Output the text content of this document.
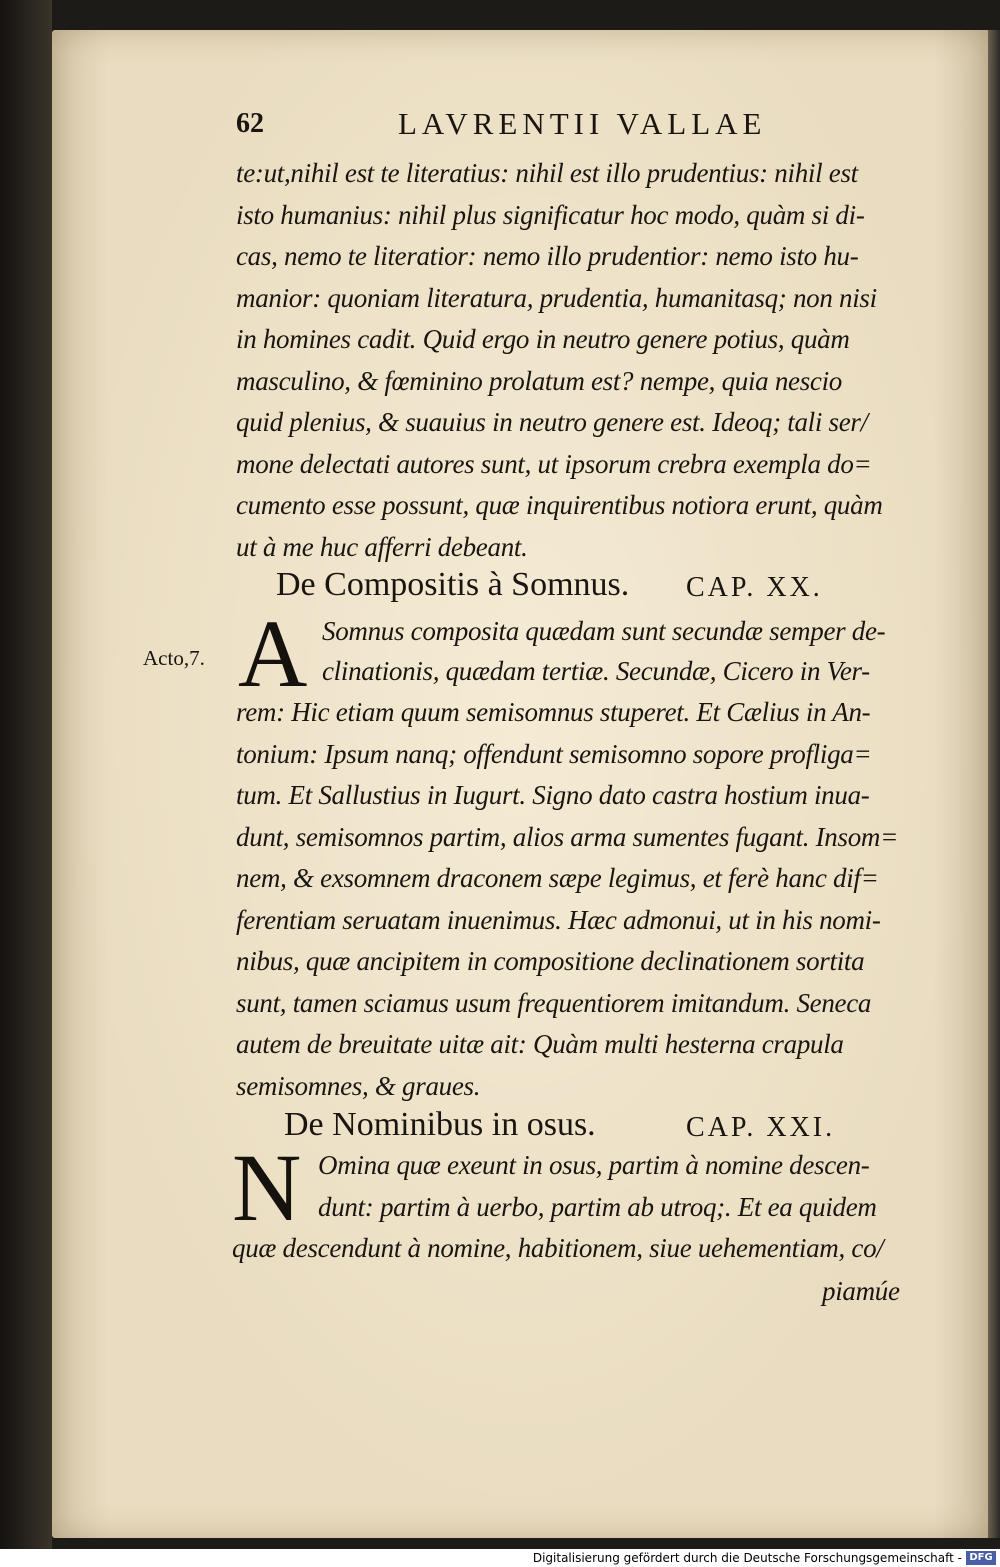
62	LAVRENTII VALLAE
Acto,7.
te:ut,nihil est te literatius: nihil est illo prudentius: nihil est
isto humanius: nihil plus significatur hoc modo, quàm si di-
cas, nemo te literatior: nemo illo prudentior: nemo isto hu-
manior: quoniam literatura, prudentia, humanitasq; non nisi
in homines cadit. Quid ergo in neutro genere potius, quàm
masculino, & fœminino prolatum est? nempe, quia nescio
quid plenius, & suauius in neutro genere est. Ideoq; tali ser/
mone delectati autores sunt, ut ipsorum crebra exempla do=
cumento esse possunt, quæ inquirentibus notiora erunt, quàm
ut à me huc afferri debeant.
De Compositis à Somnus. CAP. XX.
A Somnus composita quædam sunt secundæ semper de-
clinationis, quædam tertiæ. Secundæ, Cicero in Ver-
rem: Hic etiam quum semisomnus stuperet. Et Cælius in An-
tonium: Ipsum nanq; offendunt semisomno sopore profliga=
tum. Et Sallustius in Iugurt. Signo dato castra hostium inua-
dunt, semisomnos partim, alios arma sumentes fugant. Insom=
nem, & exsomnem draconem sæpe legimus, et ferè hanc dif=
ferentiam seruatam inuenimus. Hæc admonui, ut in his nomi-
nibus, quæ ancipitem in compositione declinationem sortita
sunt, tamen sciamus usum frequentiorem imitandum. Seneca
autem de breuitate uitæ ait: Quàm multi hesterna crapula
semisomnes, & graues.
De Nominibus in osus.	CAP. XXI.
N Omina quæ exeunt in osus, partim à nomine descen-
dunt: partim à uerbo, partim ab utroq;. Et ea quidem
quæ descendunt à nomine, habitionem, siue uehementiam, co/
piamúe
Digitalisierung gefördert durch die Deutsche Forschungsgemeinschaft - DFG
